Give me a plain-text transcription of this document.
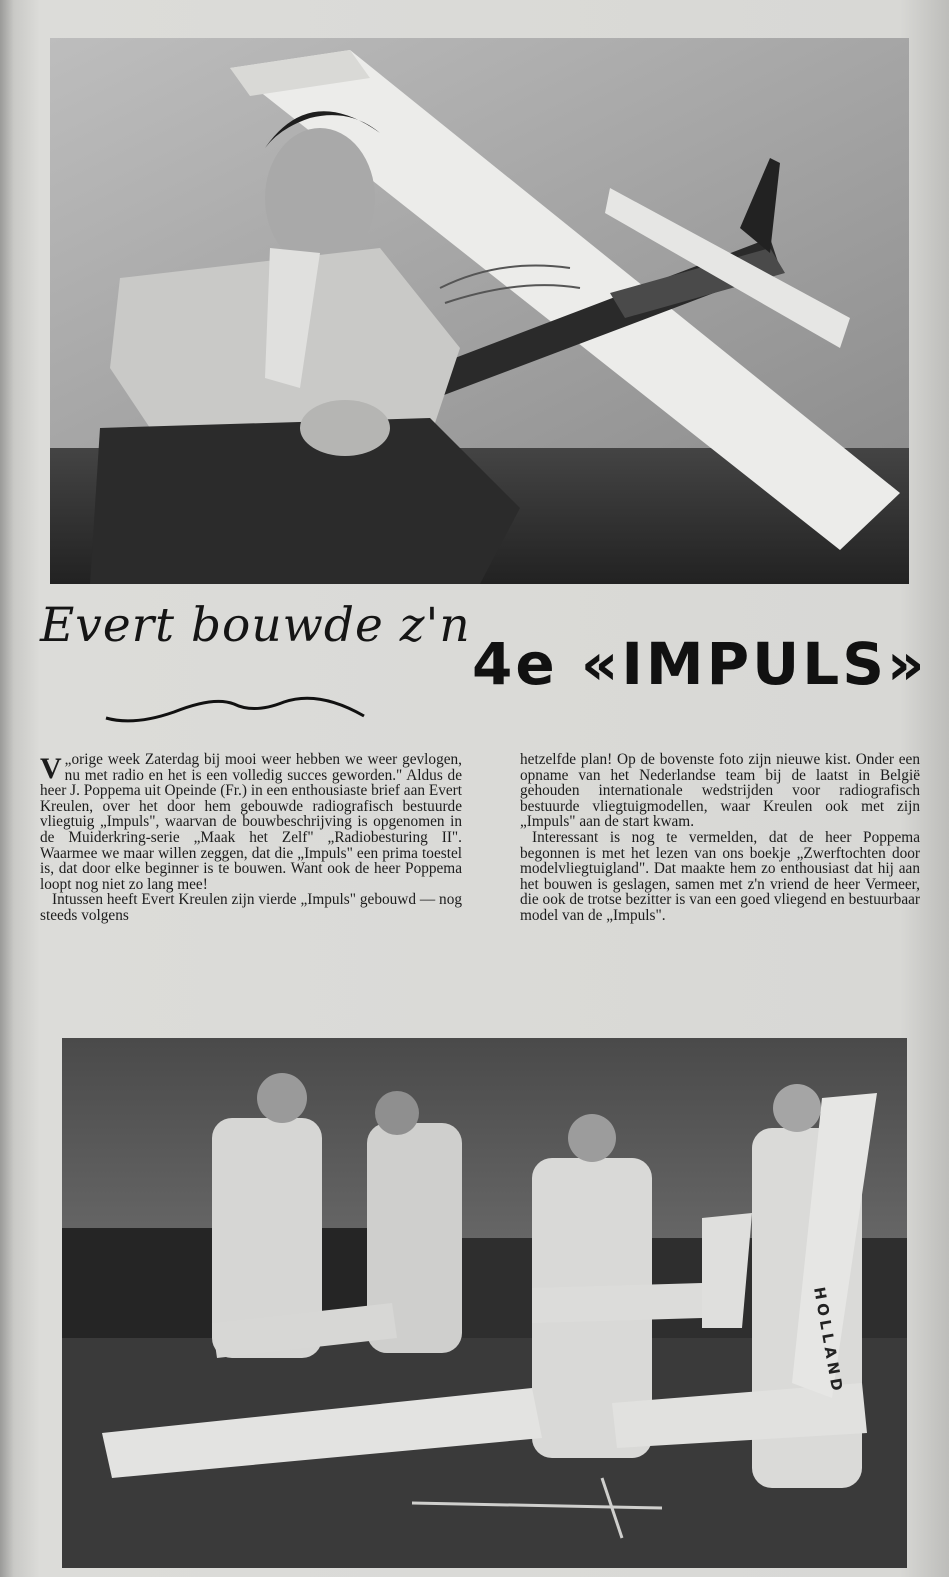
Evert bouwde z'n
4e «IMPULS»

„
V orige week Zaterdag bij mooi weer hebben we weer gevlogen, nu met radio en het is een volledig succes geworden." Aldus de heer J. Poppema uit Opeinde (Fr.) in een enthousiaste brief aan Evert Kreulen, over het door hem gebouwde radiografisch bestuurde vliegtuig „Impuls", waarvan de bouwbeschrijving is opgenomen in de Muiderkring-serie „Maak het Zelf" „Radiobesturing II". Waarmee we maar willen zeggen, dat die „Impuls" een prima toestel is, dat door elke beginner is te bouwen. Want ook de heer Poppema loopt nog niet zo lang mee!

Intussen heeft Evert Kreulen zijn vierde „Impuls" gebouwd — nog steeds volgens

hetzelfde plan! Op de bovenste foto zijn nieuwe kist. Onder een opname van het Nederlandse team bij de laatst in België gehouden internationale wedstrijden voor radiografisch bestuurde vliegtuigmodellen, waar Kreulen ook met zijn „Impuls" aan de start kwam.

Interessant is nog te vermelden, dat de heer Poppema begonnen is met het lezen van ons boekje „Zwerftochten door modelvliegtuigland". Dat maakte hem zo enthousiast dat hij aan het bouwen is geslagen, samen met z'n vriend de heer Vermeer, die ook de trotse bezitter is van een goed vliegend en bestuurbaar model van de „Impuls".

HOLLAND
